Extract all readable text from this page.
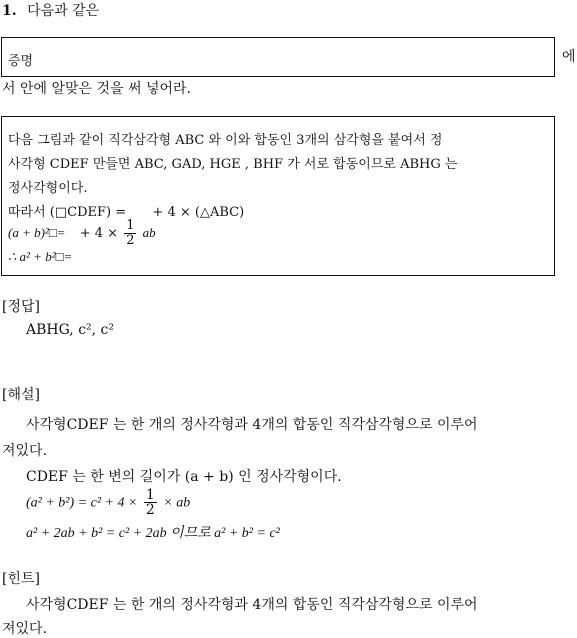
1. 다음과 같은
증명	에
서 안에 알맞은 것을 써 넣어라.
다음 그림과 같이 직각삼각형 ABC 와 이와 합동인 3개의 삼각형을 붙여서 정
사각형 CDEF 만들면 ABC, GAD, HGE , BHF 가 서로 합동이므로 ABHG 는
정사각형이다.
따라서 (□CDEF) = + 4 × (△ABC)
(a + b)²□= + $4 \times \frac{1}{2}$ ab
∴ a² + b²□=
[정답]
ABHG, c², c²
[해설]
사각형CDEF 는 한 개의 정사각형과 4개의 합동인 직각삼각형으로 이루어
져있다.
CDEF 는 한 변의 길이가 (a + b) 인 정사각형이다.
$(a^2 + b^2) = c^2 + 4 \times \frac{1}{2}$ × ab
a² + 2ab + b² = c² + 2ab 이므로 a² + b² = c²
[힌트]
사각형CDEF 는 한 개의 정사각형과 4개의 합동인 직각삼각형으로 이루어
져있다.
